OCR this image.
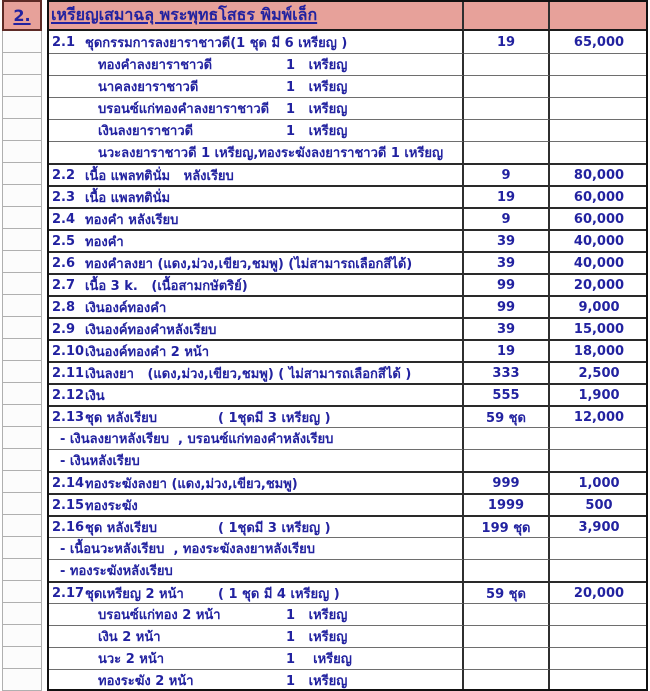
2. เหรียญเสมาฉลุ พระพุทธโสธร พิมพ์เล็ก
2.1 ชุดกรรมการลงยาราชาวดี (1 ชุด มี 6 เหรียญ )	19	65,000
ทองคำลงยาราชาวดี	1   เหรียญ
นาคลงยาราชาวดี	1   เหรียญ
บรอนซ์แก่ทองคำลงยาราชาวดี	1   เหรียญ
เงินลงยาราชาวดี	1   เหรียญ
นวะลงยาราชาวดี 1 เหรียญ,ทองระฆังลงยาราชาวดี 1 เหรียญ
2.2 เนื้อ แพลทตินั่ม   หลังเรียบ	9	80,000
2.3 เนื้อ แพลทตินั่ม	19	60,000
2.4 ทองคำ หลังเรียบ	9	60,000
2.5 ทองคำ	39	40,000
2.6 ทองคำลงยา (แดง,ม่วง,เขียว,ชมพู) (ไม่สามารถเลือกสีได้)	39	40,000
2.7 เนื้อ 3 k.   (เนื้อสามกษัตริย์)	99	20,000
2.8 เงินองค์ทองคำ	99	9,000
2.9 เงินองค์ทองคำหลังเรียบ	39	15,000
2.10 เงินองค์ทองคำ 2 หน้า	19	18,000
2.11 เงินลงยา   (แดง,ม่วง,เขียว,ชมพู) ( ไม่สามารถเลือกสีได้ )	333	2,500
2.12 เงิน	555	1,900
2.13 ชุด หลังเรียบ	( 1ชุดมี 3 เหรียญ )	59 ชุด	12,000
- เงินลงยาหลังเรียบ  , บรอนซ์แก่ทองคำหลังเรียบ
- เงินหลังเรียบ
2.14 ทองระฆังลงยา (แดง,ม่วง,เขียว,ชมพู)	999	1,000
2.15 ทองระฆัง	1999	500
2.16 ชุด หลังเรียบ	( 1ชุดมี 3 เหรียญ )	199 ชุด	3,900
- เนื้อนวะหลังเรียบ  , ทองระฆังลงยาหลังเรียบ
- ทองระฆังหลังเรียบ
2.17 ชุดเหรียญ 2 หน้า	( 1 ชุด มี 4 เหรียญ )	59 ชุด	20,000
บรอนซ์แก่ทอง 2 หน้า	1   เหรียญ
เงิน 2 หน้า	1   เหรียญ
นวะ 2 หน้า	1    เหรียญ
ทองระฆัง 2 หน้า	1   เหรียญ
